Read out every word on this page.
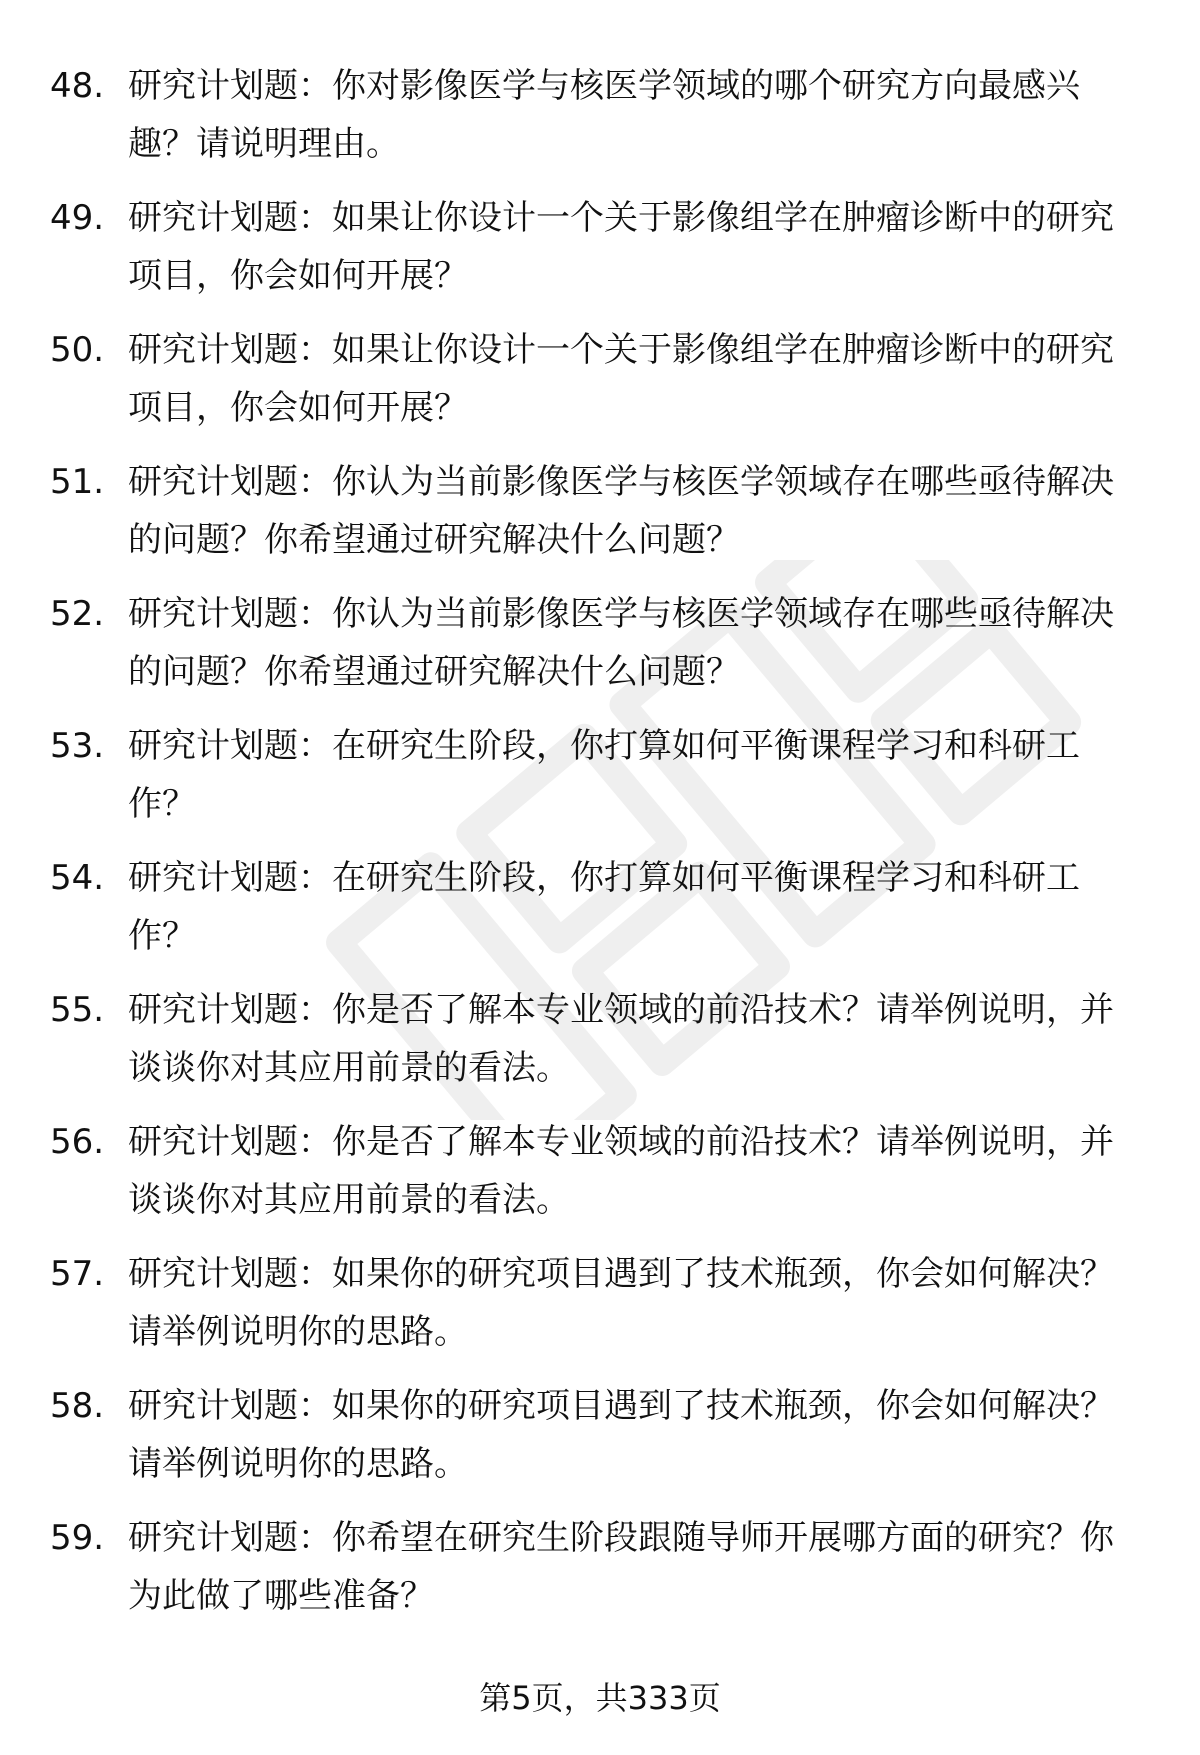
48. 研究计划题：你对影像医学与核医学领域的哪个研究方向最感兴趣？请说明理由。
49. 研究计划题：如果让你设计一个关于影像组学在肿瘤诊断中的研究项目，你会如何开展？
50. 研究计划题：如果让你设计一个关于影像组学在肿瘤诊断中的研究项目，你会如何开展？
51. 研究计划题：你认为当前影像医学与核医学领域存在哪些亟待解决的问题？你希望通过研究解决什么问题？
52. 研究计划题：你认为当前影像医学与核医学领域存在哪些亟待解决的问题？你希望通过研究解决什么问题？
53. 研究计划题：在研究生阶段，你打算如何平衡课程学习和科研工作？
54. 研究计划题：在研究生阶段，你打算如何平衡课程学习和科研工作？
55. 研究计划题：你是否了解本专业领域的前沿技术？请举例说明，并谈谈你对其应用前景的看法。
56. 研究计划题：你是否了解本专业领域的前沿技术？请举例说明，并谈谈你对其应用前景的看法。
57. 研究计划题：如果你的研究项目遇到了技术瓶颈，你会如何解决？请举例说明你的思路。
58. 研究计划题：如果你的研究项目遇到了技术瓶颈，你会如何解决？请举例说明你的思路。
59. 研究计划题：你希望在研究生阶段跟随导师开展哪方面的研究？你为此做了哪些准备？
第5页，共333页
